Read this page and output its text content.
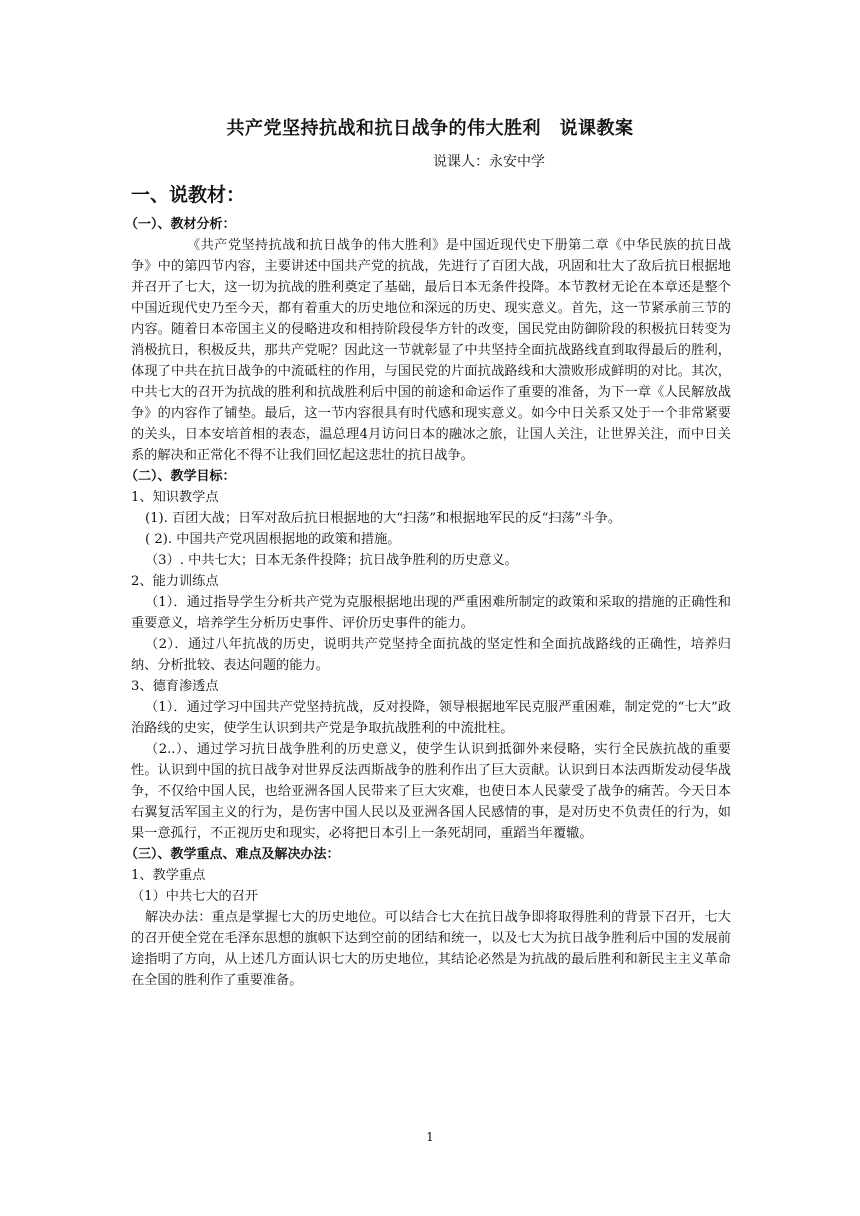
共产党坚持抗战和抗日战争的伟大胜利　说课教案
说课人：永安中学
一、说教材：
（一）、教材分析：
《共产党坚持抗战和抗日战争的伟大胜利》是中国近现代史下册第二章《中华民族的抗日战争》中的第四节内容，主要讲述中国共产党的抗战，先进行了百团大战，巩固和壮大了敌后抗日根据地并召开了七大，这一切为抗战的胜利奠定了基础，最后日本无条件投降。本节教材无论在本章还是整个中国近现代史乃至今天，都有着重大的历史地位和深远的历史、现实意义。首先，这一节紧承前三节的内容。随着日本帝国主义的侵略进攻和相持阶段侵华方针的改变，国民党由防御阶段的积极抗日转变为消极抗日，积极反共，那共产党呢？因此这一节就彰显了中共坚持全面抗战路线直到取得最后的胜利，体现了中共在抗日战争的中流砥柱的作用，与国民党的片面抗战路线和大溃败形成鲜明的对比。其次，中共七大的召开为抗战的胜利和抗战胜利后中国的前途和命运作了重要的准备，为下一章《人民解放战争》的内容作了铺垫。最后，这一节内容很具有时代感和现实意义。如今中日关系又处于一个非常紧要的关头，日本安培首相的表态，温总理4月访问日本的融冰之旅，让国人关注，让世界关注，而中日关系的解决和正常化不得不让我们回忆起这悲壮的抗日战争。
（二）、教学目标：
1、知识教学点
(1). 百团大战；日军对敌后抗日根据地的大“扫荡”和根据地军民的反“扫荡”斗争。
( 2). 中国共产党巩固根据地的政策和措施。
（3）. 中共七大；日本无条件投降；抗日战争胜利的历史意义。
2、能力训练点
（1）．通过指导学生分析共产党为克服根据地出现的严重困难所制定的政策和采取的措施的正确性和重要意义，培养学生分析历史事件、评价历史事件的能力。
（2）．通过八年抗战的历史，说明共产党坚持全面抗战的坚定性和全面抗战路线的正确性，培养归纳、分析批较、表达问题的能力。
3、德育渗透点
（1）．通过学习中国共产党坚持抗战，反对投降，领导根据地军民克服严重困难，制定党的“七大”政治路线的史实，使学生认识到共产党是争取抗战胜利的中流批柱。
（2..）、通过学习抗日战争胜利的历史意义，使学生认识到抵御外来侵略，实行全民族抗战的重要性。认识到中国的抗日战争对世界反法西斯战争的胜利作出了巨大贡献。认识到日本法西斯发动侵华战争，不仅给中国人民，也给亚洲各国人民带来了巨大灾难，也使日本人民蒙受了战争的痛苦。今天日本右翼复活军国主义的行为，是伤害中国人民以及亚洲各国人民感情的事，是对历史不负责任的行为，如果一意孤行，不正视历史和现实，必将把日本引上一条死胡同，重蹈当年覆辙。
（三）、教学重点、难点及解决办法：
1、教学重点
（1）中共七大的召开
解决办法：重点是掌握七大的历史地位。可以结合七大在抗日战争即将取得胜利的背景下召开，七大的召开使全党在毛泽东思想的旗帜下达到空前的团结和统一，以及七大为抗日战争胜利后中国的发展前途指明了方向，从上述几方面认识七大的历史地位，其结论必然是为抗战的最后胜利和新民主主义革命在全国的胜利作了重要准备。
1
